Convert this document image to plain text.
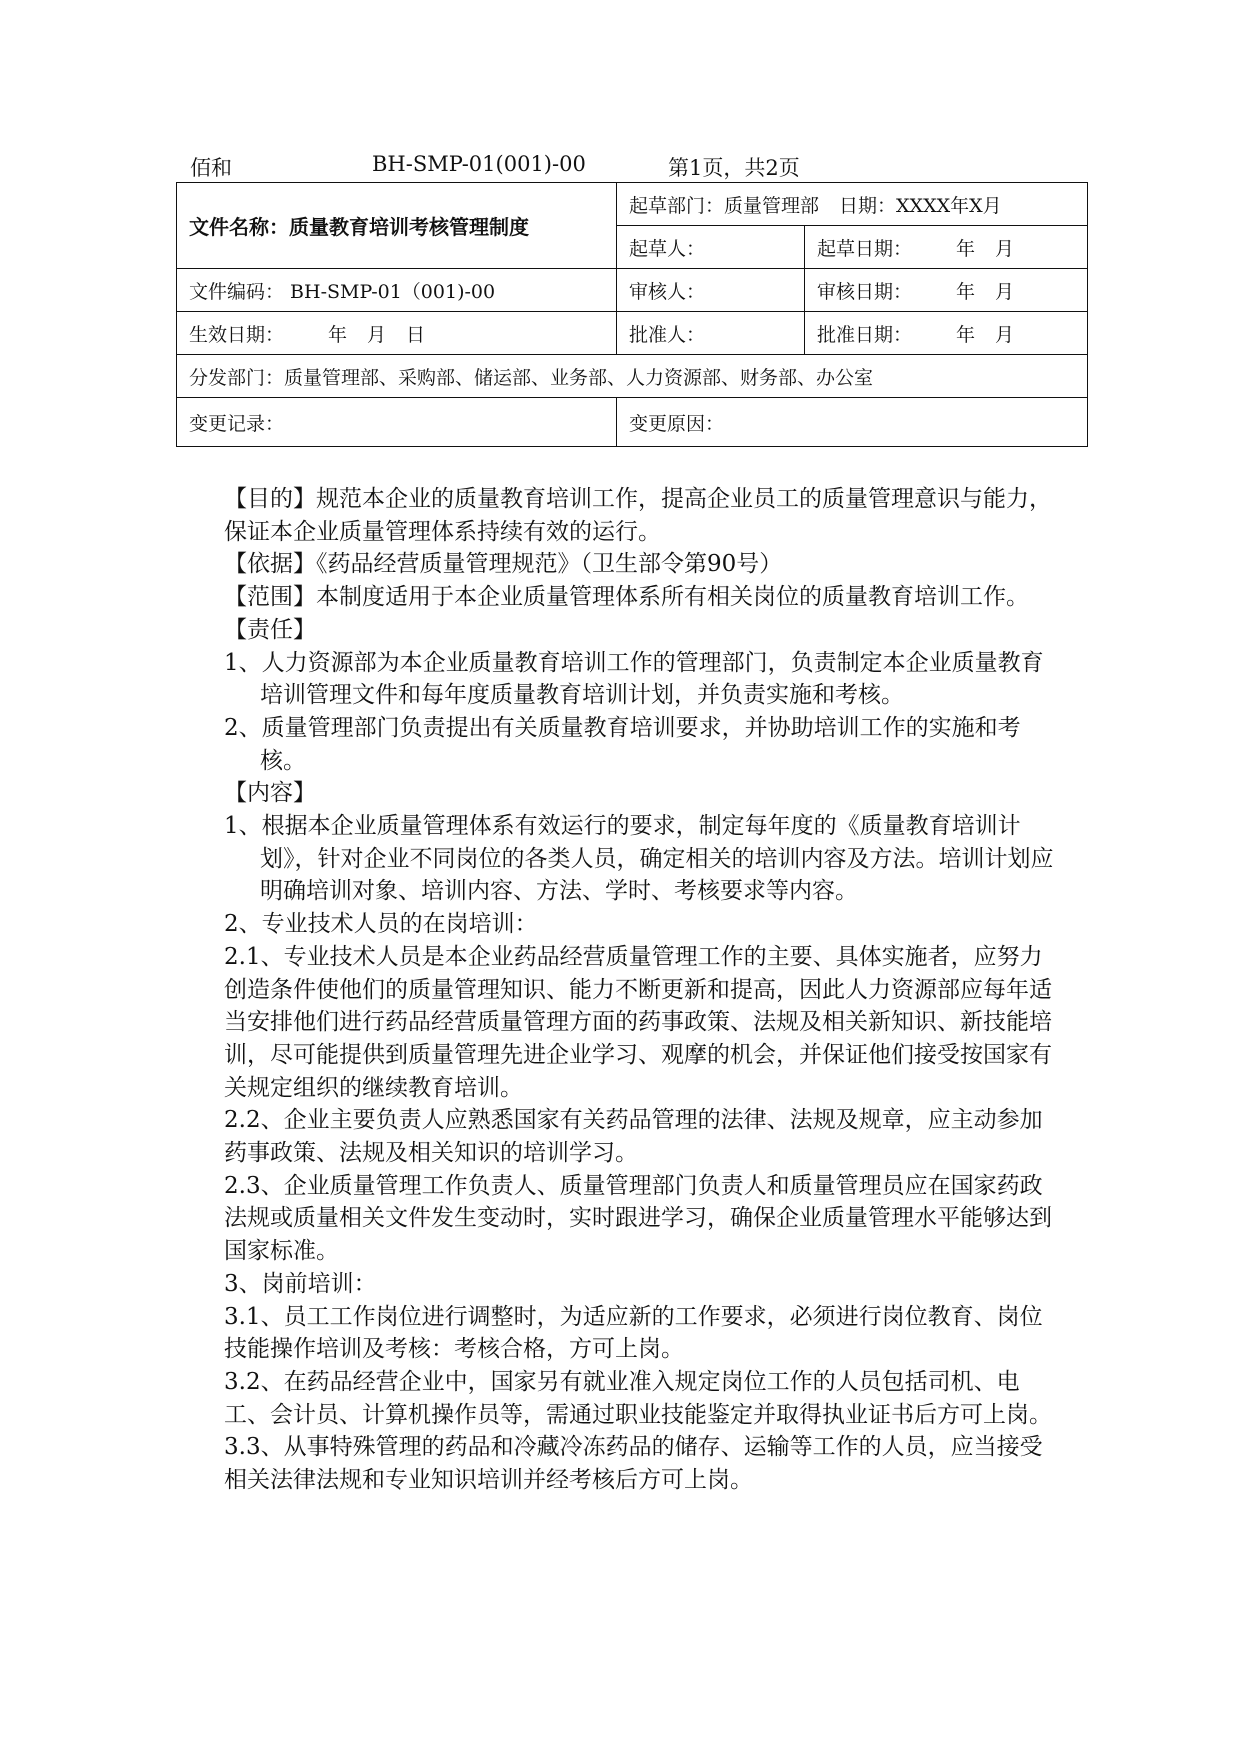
佰和	BH-SMP-01(001)-00	第1页，共2页
文件名称：质量教育培训考核管理制度	起草部门：质量管理部 日期：XXXX年X月	
	起草人：	起草日期： 年 月
文件编码： BH-SMP-01（001)-00	审核人：	审核日期： 年 月
生效日期： 年 月 日	批准人：	批准日期： 年 月
分发部门：质量管理部、采购部、储运部、业务部、人力资源部、财务部、办公室		
变更记录：	变更原因：	

【目的】规范本企业的质量教育培训工作，提高企业员工的质量管理意识与能力，保证本企业质量管理体系持续有效的运行。

【依据】《药品经营质量管理规范》（卫生部令第90号）

【范围】本制度适用于本企业质量管理体系所有相关岗位的质量教育培训工作。

【责任】

1、人力资源部为本企业质量教育培训工作的管理部门，负责制定本企业质量教育培训管理文件和每年度质量教育培训计划，并负责实施和考核。

2、质量管理部门负责提出有关质量教育培训要求，并协助培训工作的实施和考核。

【内容】

1、根据本企业质量管理体系有效运行的要求，制定每年度的《质量教育培训计划》，针对企业不同岗位的各类人员，确定相关的培训内容及方法。培训计划应明确培训对象、培训内容、方法、学时、考核要求等内容。

2、专业技术人员的在岗培训：

2.1、专业技术人员是本企业药品经营质量管理工作的主要、具体实施者，应努力创造条件使他们的质量管理知识、能力不断更新和提高，因此人力资源部应每年适当安排他们进行药品经营质量管理方面的药事政策、法规及相关新知识、新技能培训，尽可能提供到质量管理先进企业学习、观摩的机会，并保证他们接受按国家有关规定组织的继续教育培训。

2.2、企业主要负责人应熟悉国家有关药品管理的法律、法规及规章，应主动参加药事政策、法规及相关知识的培训学习。

2.3、企业质量管理工作负责人、质量管理部门负责人和质量管理员应在国家药政法规或质量相关文件发生变动时，实时跟进学习，确保企业质量管理水平能够达到国家标准。

3、岗前培训：

3.1、员工工作岗位进行调整时，为适应新的工作要求，必须进行岗位教育、岗位技能操作培训及考核：考核合格，方可上岗。

3.2、在药品经营企业中，国家另有就业准入规定岗位工作的人员包括司机、电工、会计员、计算机操作员等，需通过职业技能鉴定并取得执业证书后方可上岗。

3.3、从事特殊管理的药品和冷藏冷冻药品的储存、运输等工作的人员，应当接受相关法律法规和专业知识培训并经考核后方可上岗。
